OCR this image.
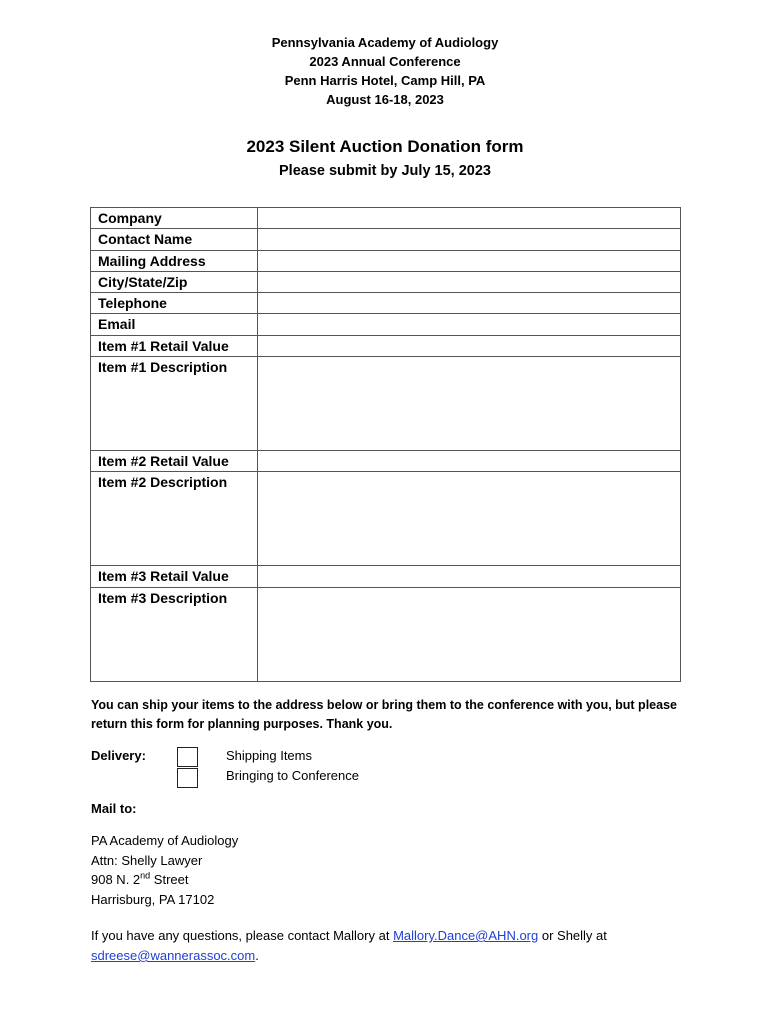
Pennsylvania Academy of Audiology
2023 Annual Conference
Penn Harris Hotel, Camp Hill, PA
August 16-18, 2023
2023 Silent Auction Donation form
Please submit by July 15, 2023
Company	
Contact Name	
Mailing Address	
City/State/Zip	
Telephone	
Email	
Item #1 Retail Value	
Item #1 Description	
Item #2 Retail Value	
Item #2 Description	
Item #3 Retail Value	
Item #3 Description	
You can ship your items to the address below or bring them to the conference with you, but please return this form for planning purposes. Thank you.
Delivery:	Shipping Items
Bringing to Conference
Mail to:
PA Academy of Audiology
Attn: Shelly Lawyer
908 N. 2nd Street
Harrisburg, PA 17102
If you have any questions, please contact Mallory at Mallory.Dance@AHN.org or Shelly at sdreese@wannerassoc.com.
